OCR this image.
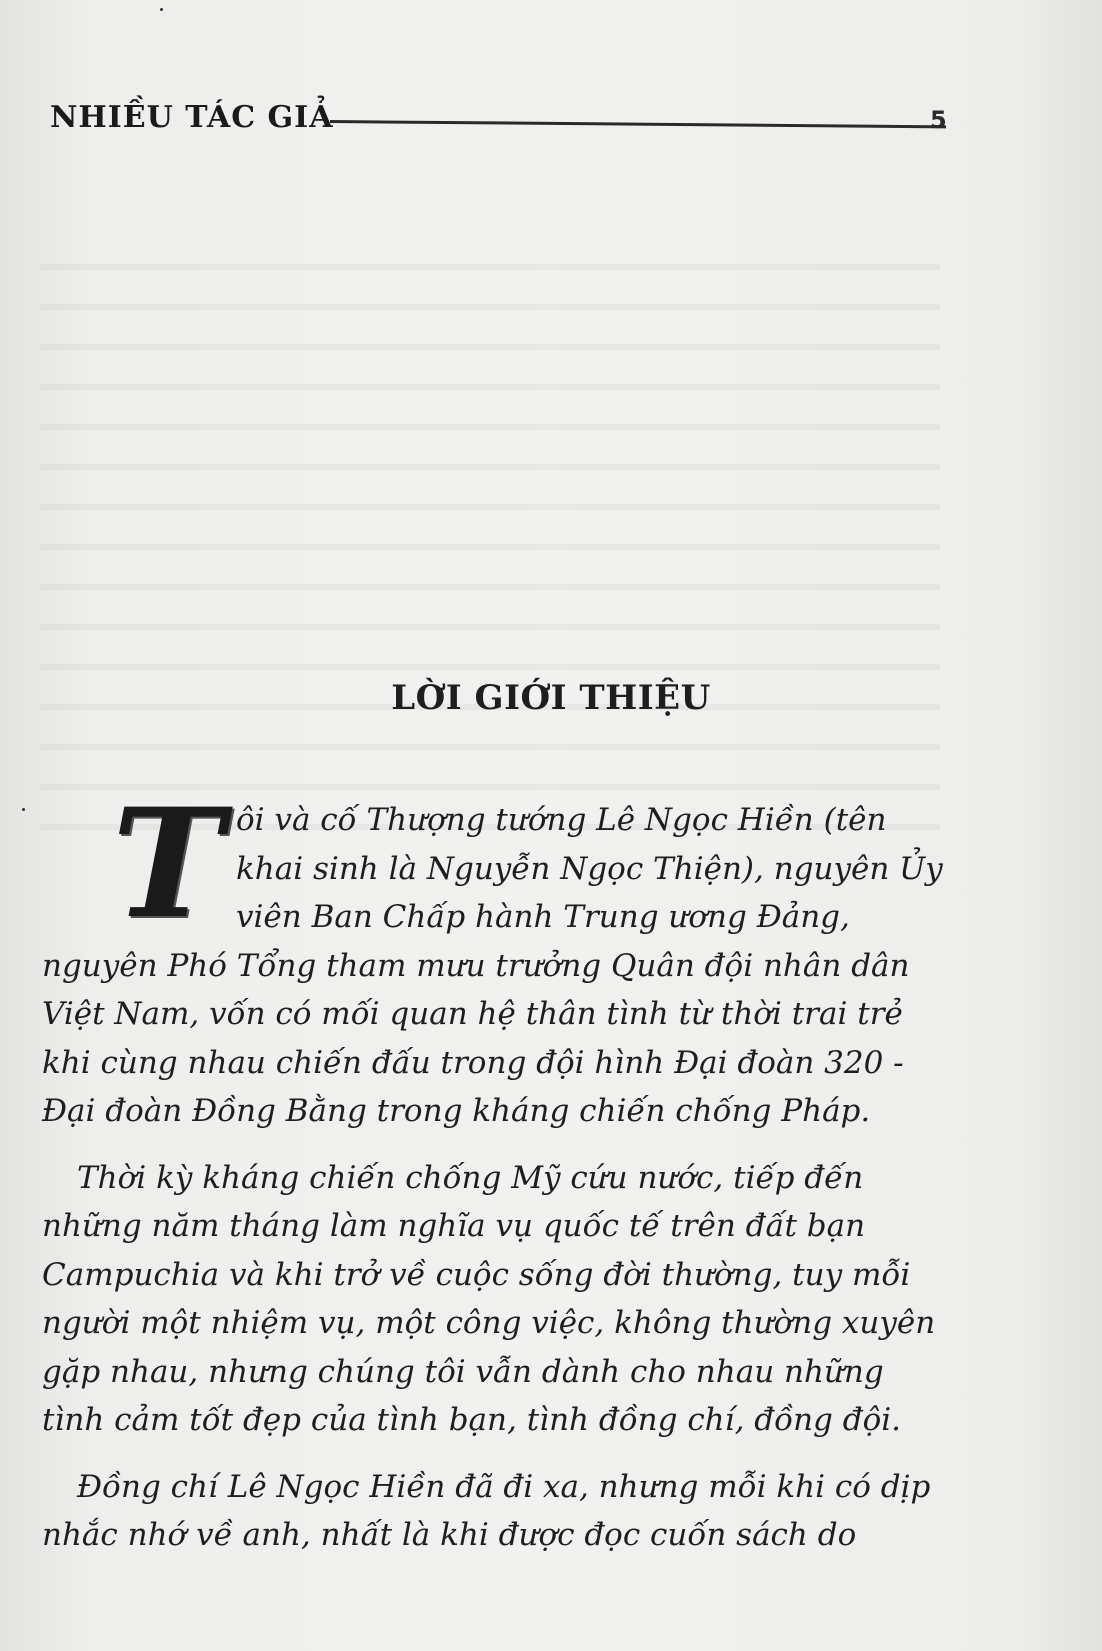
NHIỀU TÁC GIẢ	5
LỜI GIỚI THIỆU

Tôi và cố Thượng tướng Lê Ngọc Hiền (tên khai sinh là Nguyễn Ngọc Thiện), nguyên Ủy viên Ban Chấp hành Trung ương Đảng, nguyên Phó Tổng tham mưu trưởng Quân đội nhân dân Việt Nam, vốn có mối quan hệ thân tình từ thời trai trẻ khi cùng nhau chiến đấu trong đội hình Đại đoàn 320 - Đại đoàn Đồng Bằng trong kháng chiến chống Pháp.

Thời kỳ kháng chiến chống Mỹ cứu nước, tiếp đến những năm tháng làm nghĩa vụ quốc tế trên đất bạn Campuchia và khi trở về cuộc sống đời thường, tuy mỗi người một nhiệm vụ, một công việc, không thường xuyên gặp nhau, nhưng chúng tôi vẫn dành cho nhau những tình cảm tốt đẹp của tình bạn, tình đồng chí, đồng đội.

Đồng chí Lê Ngọc Hiền đã đi xa, nhưng mỗi khi có dịp nhắc nhớ về anh, nhất là khi được đọc cuốn sách do
